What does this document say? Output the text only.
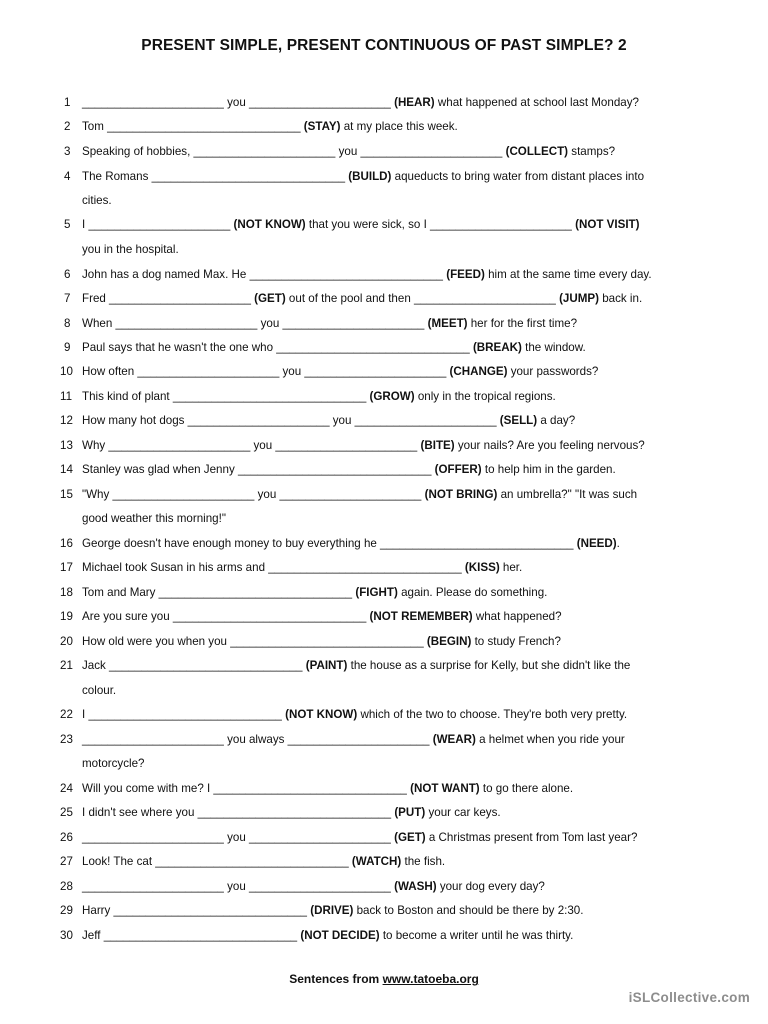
PRESENT SIMPLE, PRESENT CONTINUOUS OF PAST SIMPLE? 2
1 ______________________ you ______________________ (HEAR) what happened at school last Monday?
2 Tom ______________________________ (STAY) at my place this week.
3 Speaking of hobbies, ______________________ you ______________________ (COLLECT) stamps?
4 The Romans ______________________________ (BUILD) aqueducts to bring water from distant places into
cities.
5 I ______________________ (NOT KNOW) that you were sick, so I ______________________ (NOT VISIT)
you in the hospital.
6 John has a dog named Max. He ______________________________ (FEED) him at the same time every day.
7 Fred ______________________ (GET) out of the pool and then ______________________ (JUMP) back in.
8 When ______________________ you ______________________ (MEET) her for the first time?
9 Paul says that he wasn't the one who ______________________________ (BREAK) the window.
10 How often ______________________ you ______________________ (CHANGE) your passwords?
11 This kind of plant ______________________________ (GROW) only in the tropical regions.
12 How many hot dogs ______________________ you ______________________ (SELL) a day?
13 Why ______________________ you ______________________ (BITE) your nails? Are you feeling nervous?
14 Stanley was glad when Jenny ______________________________ (OFFER) to help him in the garden.
15 "Why ______________________ you ______________________ (NOT BRING) an umbrella?" "It was such
good weather this morning!"
16 George doesn't have enough money to buy everything he ______________________________ (NEED).
17 Michael took Susan in his arms and ______________________________ (KISS) her.
18 Tom and Mary ______________________________ (FIGHT) again. Please do something.
19 Are you sure you ______________________________ (NOT REMEMBER) what happened?
20 How old were you when you ______________________________ (BEGIN) to study French?
21 Jack ______________________________ (PAINT) the house as a surprise for Kelly, but she didn't like the
colour.
22 I ______________________________ (NOT KNOW) which of the two to choose. They're both very pretty.
23 ______________________ you always ______________________ (WEAR) a helmet when you ride your
motorcycle?
24 Will you come with me? I ______________________________ (NOT WANT) to go there alone.
25 I didn't see where you ______________________________ (PUT) your car keys.
26 ______________________ you ______________________ (GET) a Christmas present from Tom last year?
27 Look! The cat ______________________________ (WATCH) the fish.
28 ______________________ you ______________________ (WASH) your dog every day?
29 Harry ______________________________ (DRIVE) back to Boston and should be there by 2:30.
30 Jeff ______________________________ (NOT DECIDE) to become a writer until he was thirty.
Sentences from www.tatoeba.org
iSLCollective.com
